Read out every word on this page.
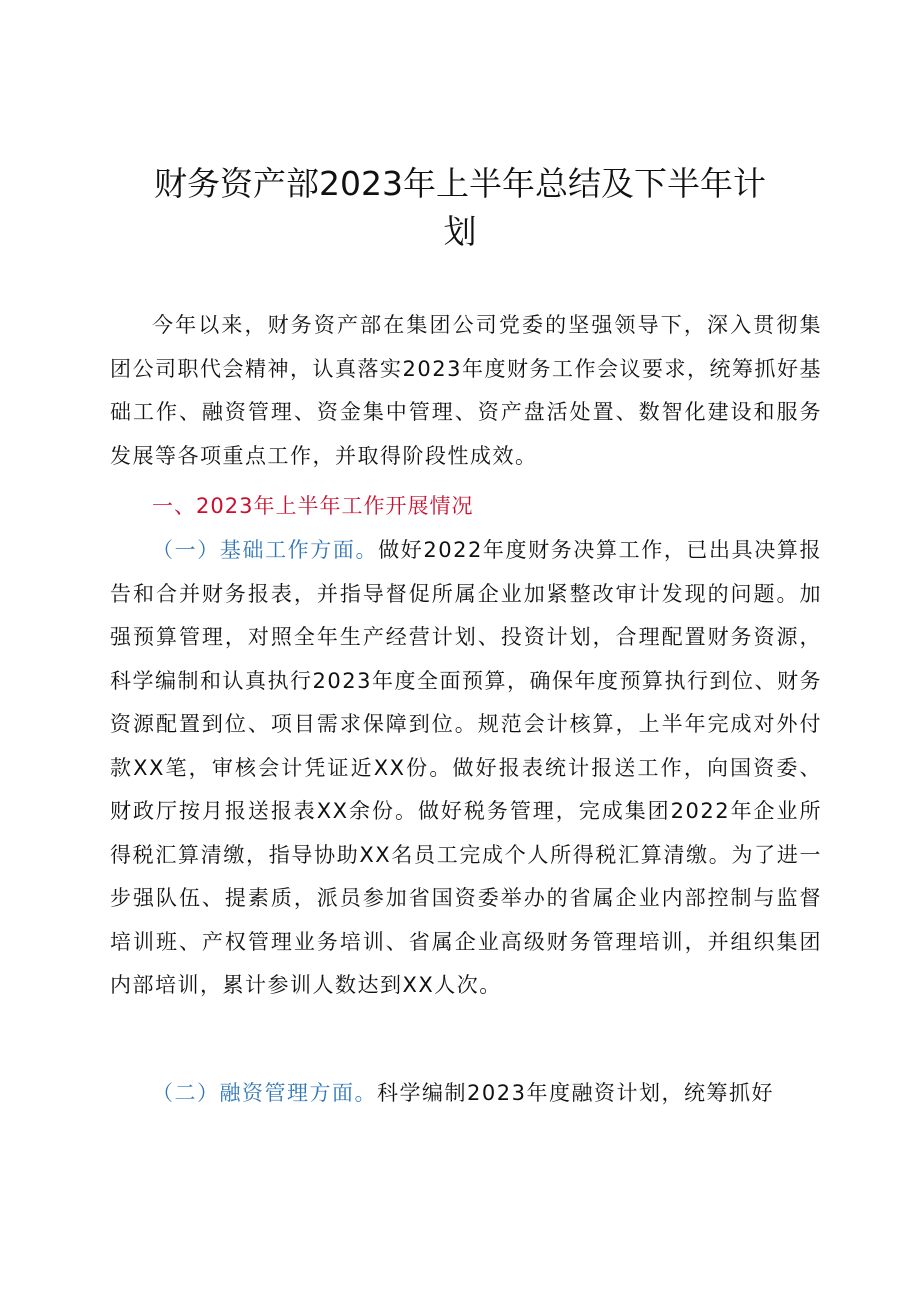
财务资产部2023年上半年总结及下半年计划

今年以来，财务资产部在集团公司党委的坚强领导下，深入贯彻集团公司职代会精神，认真落实2023年度财务工作会议要求，统筹抓好基础工作、融资管理、资金集中管理、资产盘活处置、数智化建设和服务发展等各项重点工作，并取得阶段性成效。

一、2023年上半年工作开展情况

（一）基础工作方面。做好2022年度财务决算工作，已出具决算报告和合并财务报表，并指导督促所属企业加紧整改审计发现的问题。加强预算管理，对照全年生产经营计划、投资计划，合理配置财务资源，科学编制和认真执行2023年度全面预算，确保年度预算执行到位、财务资源配置到位、项目需求保障到位。规范会计核算，上半年完成对外付款XX笔，审核会计凭证近XX份。做好报表统计报送工作，向国资委、财政厅按月报送报表XX余份。做好税务管理，完成集团2022年企业所得税汇算清缴，指导协助XX名员工完成个人所得税汇算清缴。为了进一步强队伍、提素质，派员参加省国资委举办的省属企业内部控制与监督培训班、产权管理业务培训、省属企业高级财务管理培训，并组织集团内部培训，累计参训人数达到XX人次。

（二）融资管理方面。科学编制2023年度融资计划，统筹抓好
